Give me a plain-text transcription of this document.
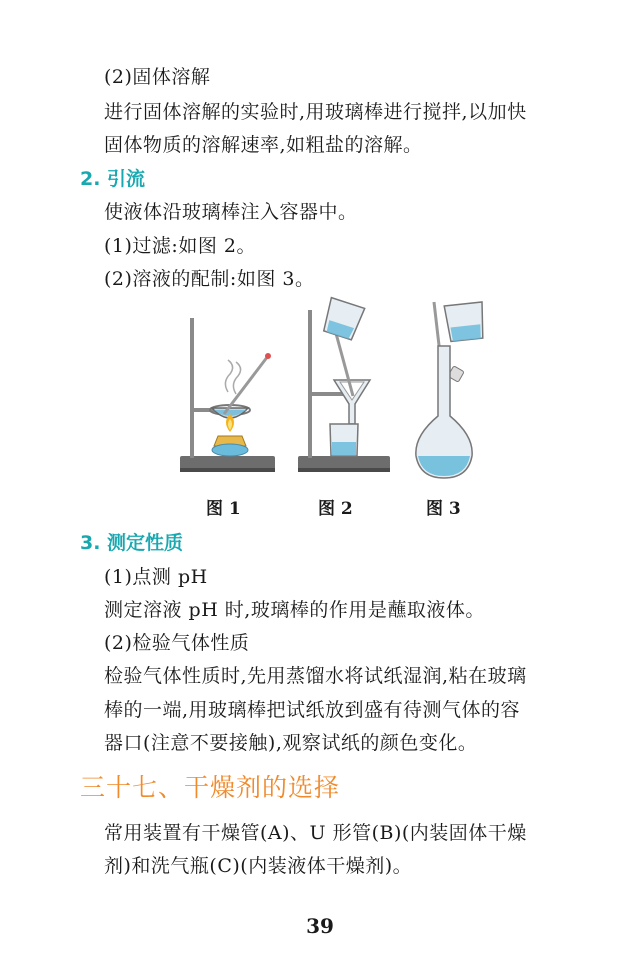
(2)固体溶解
进行固体溶解的实验时,用玻璃棒进行搅拌,以加快
固体物质的溶解速率,如粗盐的溶解。
2. 引流
使液体沿玻璃棒注入容器中。
(1)过滤:如图 2。
(2)溶液的配制:如图 3。
图 1	图 2	图 3
3. 测定性质
(1)点测 pH
测定溶液 pH 时,玻璃棒的作用是蘸取液体。
(2)检验气体性质
检验气体性质时,先用蒸馏水将试纸湿润,粘在玻璃
棒的一端,用玻璃棒把试纸放到盛有待测气体的容
器口(注意不要接触),观察试纸的颜色变化。
三十七、干燥剂的选择
常用装置有干燥管(A)、U 形管(B)(内装固体干燥
剂)和洗气瓶(C)(内装液体干燥剂)。
39
